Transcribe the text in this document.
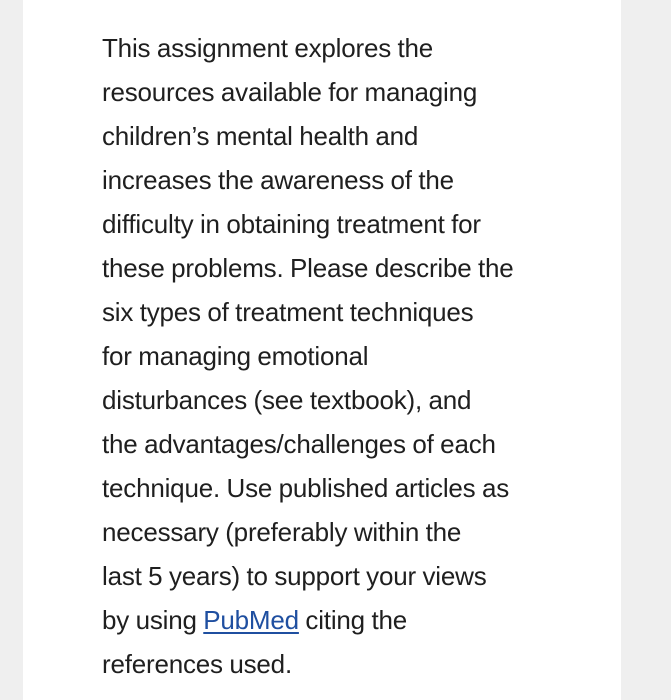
This assignment explores the
resources available for managing
children’s mental health and
increases the awareness of the
difficulty in obtaining treatment for
these problems. Please describe the
six types of treatment techniques
for managing emotional
disturbances (see textbook), and
the advantages/challenges of each
technique. Use published articles as
necessary (preferably within the
last 5 years) to support your views
by using PubMed citing the
references used.
